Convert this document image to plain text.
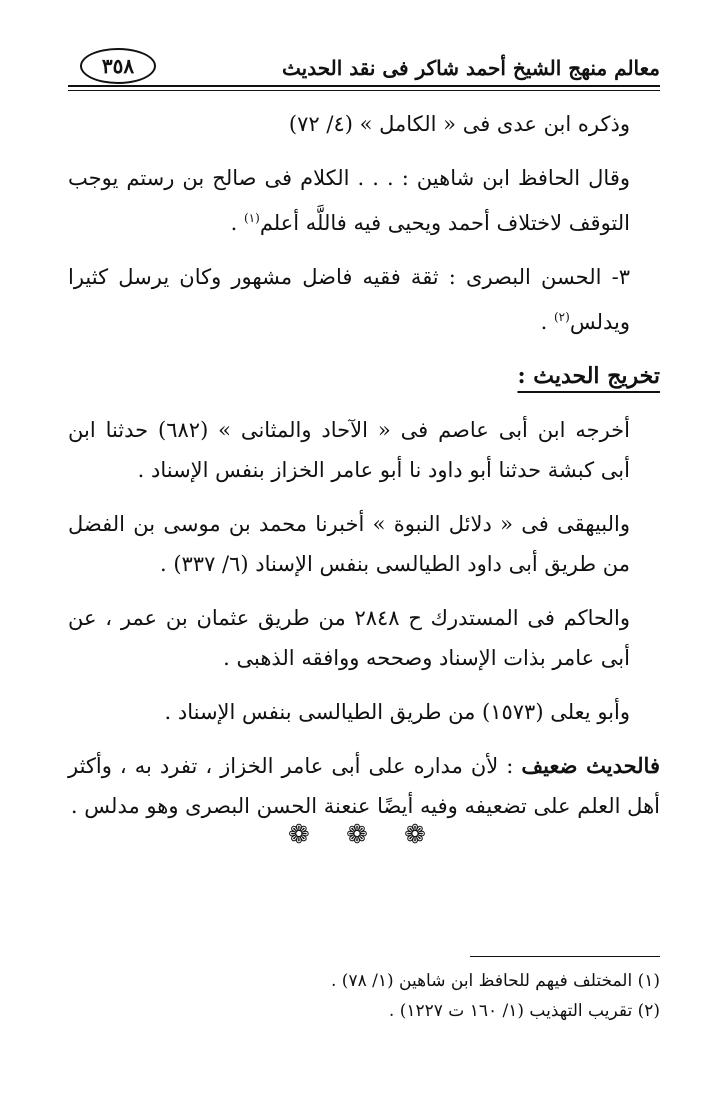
معالم منهج الشيخ أحمد شاكر فى نقد الحديث
٣٥٨

وذكره ابن عدى فى « الكامل » (٤/ ٧٢)

وقال الحافظ ابن شاهين : . . . الكلام فى صالح بن رستم يوجب التوقف لاختلاف أحمد ويحيى فيه فاللَّه أعلم$^{(١)}$ .

٣- الحسن البصرى : ثقة فقيه فاضل مشهور وكان يرسل كثيرا ويدلس$^{(٢)}$ .

تخريج الحديث :

أخرجه ابن أبى عاصم فى « الآحاد والمثانى » (٦٨٢) حدثنا ابن أبى كبشة حدثنا أبو داود نا أبو عامر الخزاز بنفس الإسناد .

والبيهقى فى « دلائل النبوة » أخبرنا محمد بن موسى بن الفضل من طريق أبى داود الطيالسى بنفس الإسناد (٦/ ٣٣٧) .

والحاكم فى المستدرك ح ٢٨٤٨ من طريق عثمان بن عمر ، عن أبى عامر بذات الإسناد وصححه ووافقه الذهبى .

وأبو يعلى (١٥٧٣) من طريق الطيالسى بنفس الإسناد .

فالحديث ضعيف : لأن مداره على أبى عامر الخزاز ، تفرد به ، وأكثر أهل العلم على تضعيفه وفيه أيضًا عنعنة الحسن البصرى وهو مدلس .

❁ ❁ ❁

(١) المختلف فيهم للحافظ ابن شاهين (١/ ٧٨) .

(٢) تقريب التهذيب (١/ ١٦٠ ت ١٢٢٧) .
